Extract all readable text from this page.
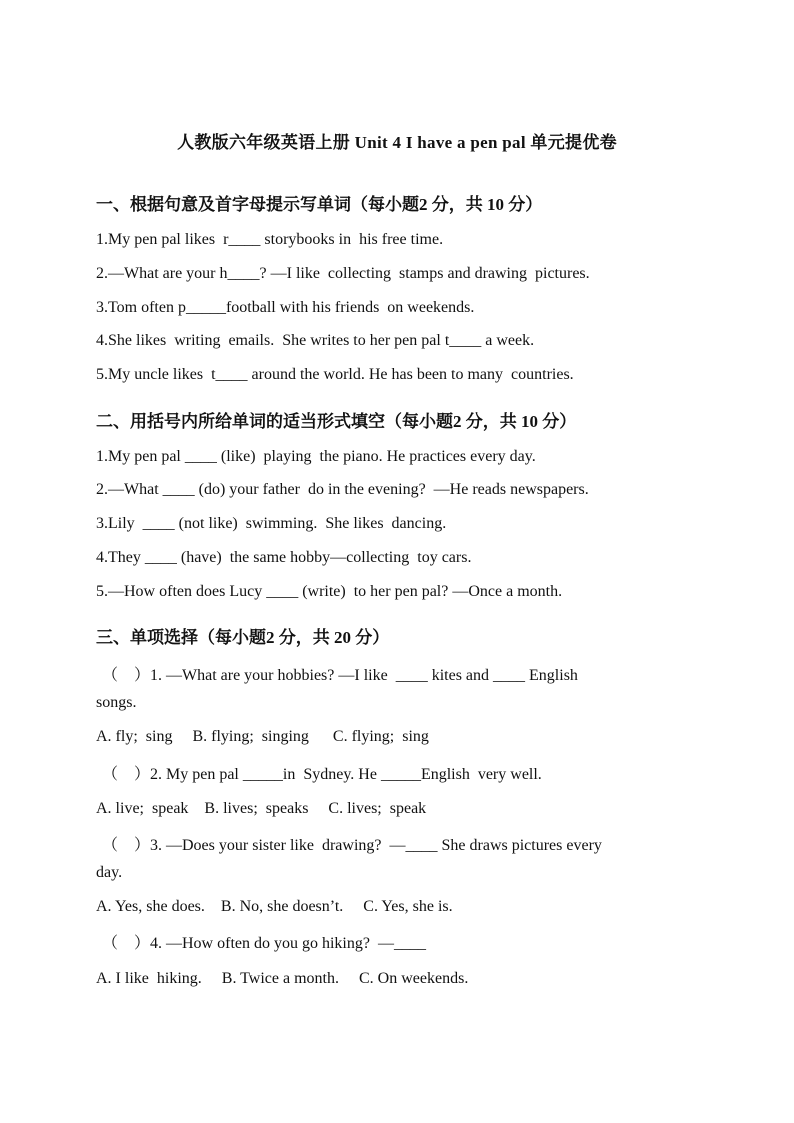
人教版六年级英语上册 Unit 4 I have a pen pal 单元提优卷
一、根据句意及首字母提示写单词（每小题2 分，共 10 分）
1.My pen pal likes  r____ storybooks in  his free time.
2.—What are your h____? —I like  collecting  stamps and drawing  pictures.
3.Tom often p_____football with his friends  on weekends.
4.She likes  writing  emails.  She writes to her pen pal t____ a week.
5.My uncle likes  t____ around the world. He has been to many  countries.
二、用括号内所给单词的适当形式填空（每小题2 分，共 10 分）
1.My pen pal ____ (like)  playing  the piano. He practices every day.
2.—What ____ (do) your father  do in the evening?  —He reads newspapers.
3.Lily  ____ (not like)  swimming.  She likes  dancing.
4.They ____ (have)  the same hobby—collecting  toy cars.
5.—How often does Lucy ____ (write)  to her pen pal? —Once a month.
三、单项选择（每小题2 分，共 20 分）
（    ）1. —What are your hobbies? —I like  ____ kites and ____ English
songs.
A. fly;  sing     B. flying;  singing      C. flying;  sing
（    ）2. My pen pal _____in  Sydney. He _____English  very well.
A. live;  speak    B. lives;  speaks     C. lives;  speak
（    ）3. —Does your sister like  drawing?  —____ She draws pictures every
day.
A. Yes, she does.    B. No, she doesn’t.     C. Yes, she is.
（    ）4. —How often do you go hiking?  —____
A. I like  hiking.     B. Twice a month.     C. On weekends.
